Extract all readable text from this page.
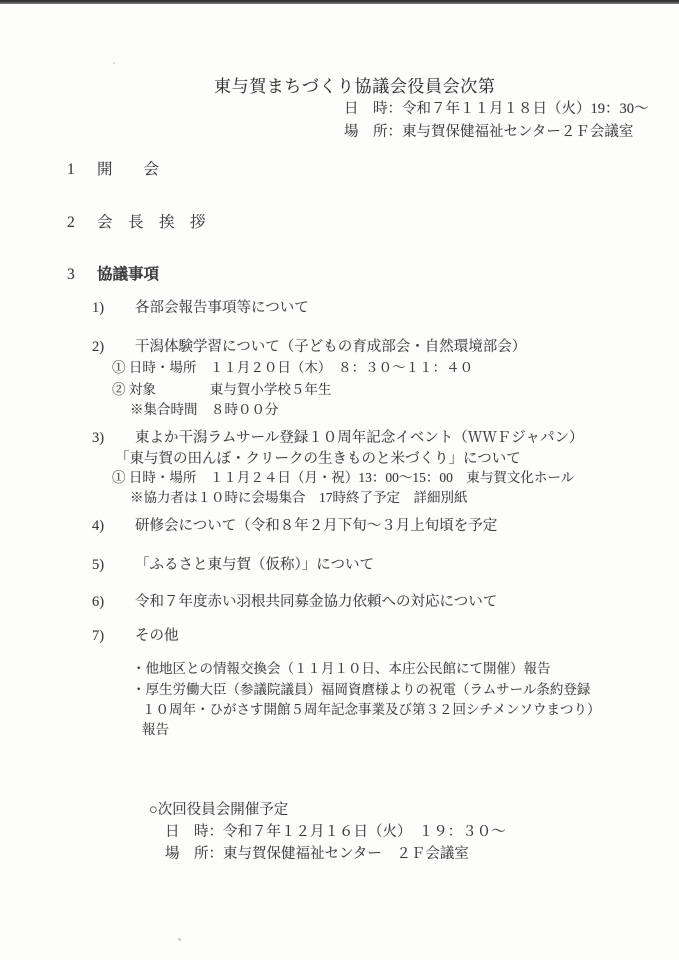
東与賀まちづくり協議会役員会次第
日　時：令和７年１１月１８日（火）19：30～
場　所：東与賀保健福祉センター２Ｆ会議室
1 開　　会
2 会　長　挨　拶
3 協議事項
1) 各部会報告事項等について
2) 干潟体験学習について（子どもの育成部会・自然環境部会）
① 日時・場所　１１月２０日（木）　８：３０～１１：４０
② 対象　　　　東与賀小学校５年生
※集合時間　８時００分
3) 東よか干潟ラムサール登録１０周年記念イベント（ＷＷＦジャパン）
「東与賀の田んぼ・クリークの生きものと米づくり」について
① 日時・場所　１１月２４日（月・祝）13：00～15：00　東与賀文化ホール
※協力者は１０時に会場集合　17時終了予定　詳細別紙
4) 研修会について（令和８年２月下旬～３月上旬頃を予定
5) 「ふるさと東与賀（仮称）」について
6) 令和７年度赤い羽根共同募金協力依頼への対応について
7) その他
・他地区との情報交換会（１１月１０日、本庄公民館にて開催）報告
・厚生労働大臣（参議院議員）福岡資麿様よりの祝電（ラムサール条約登録
１０周年・ひがさす開館５周年記念事業及び第３２回シチメンソウまつり）
報告
○次回役員会開催予定
日　時：令和７年１２月１６日（火）　１９：３０～
場　所：東与賀保健福祉センター　２Ｆ会議室
